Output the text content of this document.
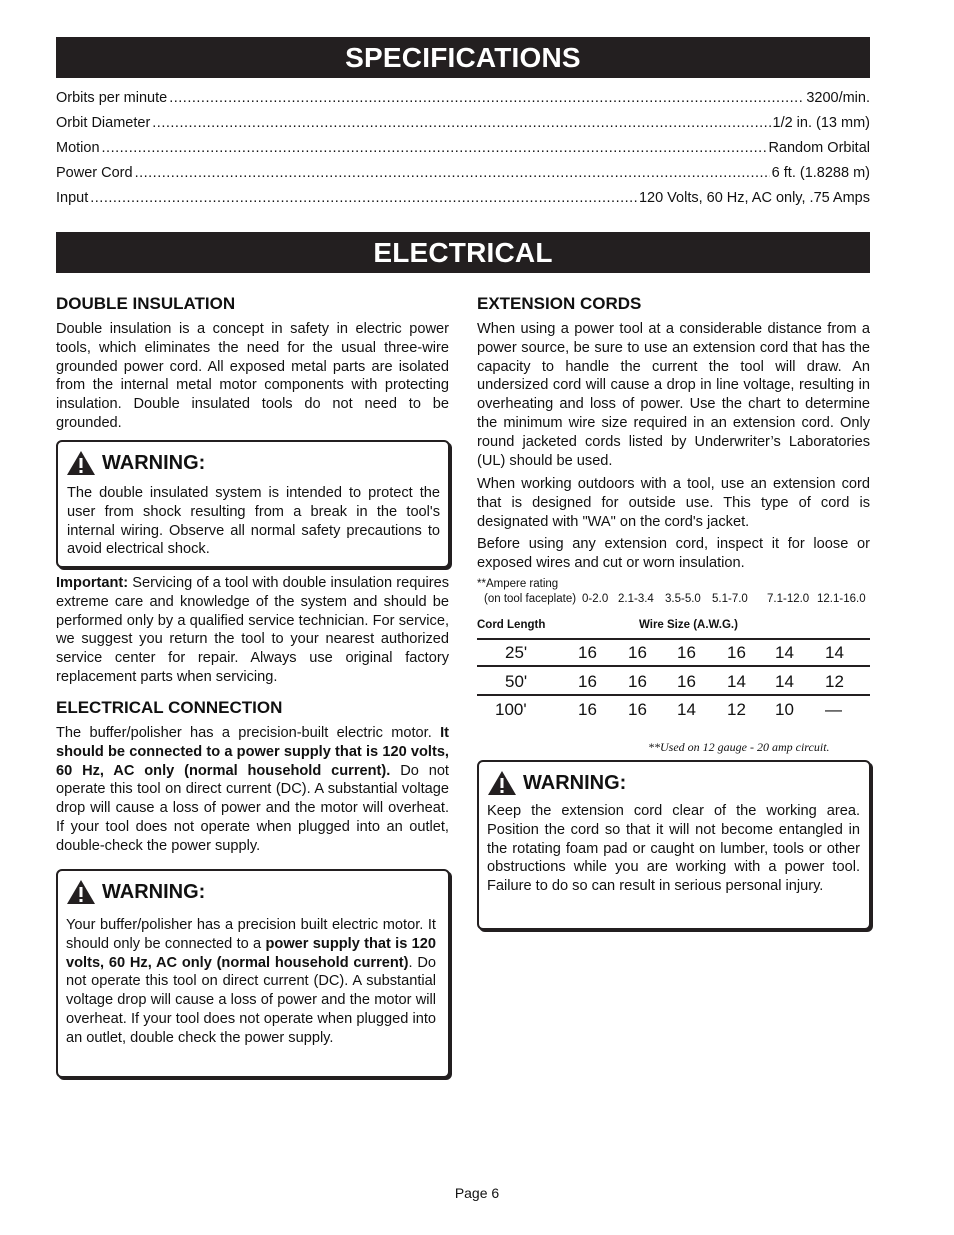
SPECIFICATIONS
Orbits per minute .....	3200/min.
Orbit Diameter .....	1/2 in. (13 mm)
Motion .....	Random Orbital
Power Cord .....	6 ft. (1.8288 m)
Input .....	120 Volts, 60 Hz, AC only, .75 Amps
ELECTRICAL
DOUBLE INSULATION
Double insulation is a concept in safety in electric power tools, which eliminates the need for the usual three-wire grounded power cord. All exposed metal parts are isolated from the internal metal motor components with protecting insulation. Double insulated tools do not need to be grounded.
WARNING:
The double insulated system is intended to protect the user from shock resulting from a break in the tool's internal wiring. Observe all normal safety precautions to avoid electrical shock.
Important: Servicing of a tool with double insulation requires extreme care and knowledge of the system and should be performed only by a qualified service technician. For service, we suggest you return the tool to your nearest authorized service center for repair. Always use original factory replacement parts when servicing.
ELECTRICAL CONNECTION
The buffer/polisher has a precision-built electric motor. It should be connected to a power supply that is 120 volts, 60 Hz, AC only (normal household current). Do not operate this tool on direct current (DC). A substantial voltage drop will cause a loss of power and the motor will overheat. If your tool does not operate when plugged into an outlet, double-check the power supply.
WARNING:
Your buffer/polisher has a precision built electric motor. It should only be connected to a power supply that is 120 volts, 60 Hz, AC only (normal household current). Do not operate this tool on direct current (DC). A substantial voltage drop will cause a loss of power and the motor will overheat. If your tool does not operate when plugged into an outlet, double check the power supply.
EXTENSION CORDS
When using a power tool at a considerable distance from a power source, be sure to use an extension cord that has the capacity to handle the current the tool will draw. An undersized cord will cause a drop in line voltage, resulting in overheating and loss of power. Use the chart to determine the minimum wire size required in an extension cord. Only round jacketed cords listed by Underwriter’s Laboratories (UL) should be used.
When working outdoors with a tool, use an extension cord that is designed for outside use. This type of cord is designated with "WA" on the cord's jacket.
Before using any extension cord, inspect it for loose or exposed wires and cut or worn insulation.
**Ampere rating
(on tool faceplate) 0-2.0 2.1-3.4 3.5-5.0 5.1-7.0 7.1-12.0 12.1-16.0
Cord Length	Wire Size (A.W.G.)
25'	16 16 16 16 14 14
50'	16 16 16 14 14 12
100'	16 16 14 12 10 —
**Used on 12 gauge - 20 amp circuit.
WARNING:
Keep the extension cord clear of the working area. Position the cord so that it will not become entangled in the rotating foam pad or caught on lumber, tools or other obstructions while you are working with a power tool. Failure to do so can result in serious personal injury.
Page 6
